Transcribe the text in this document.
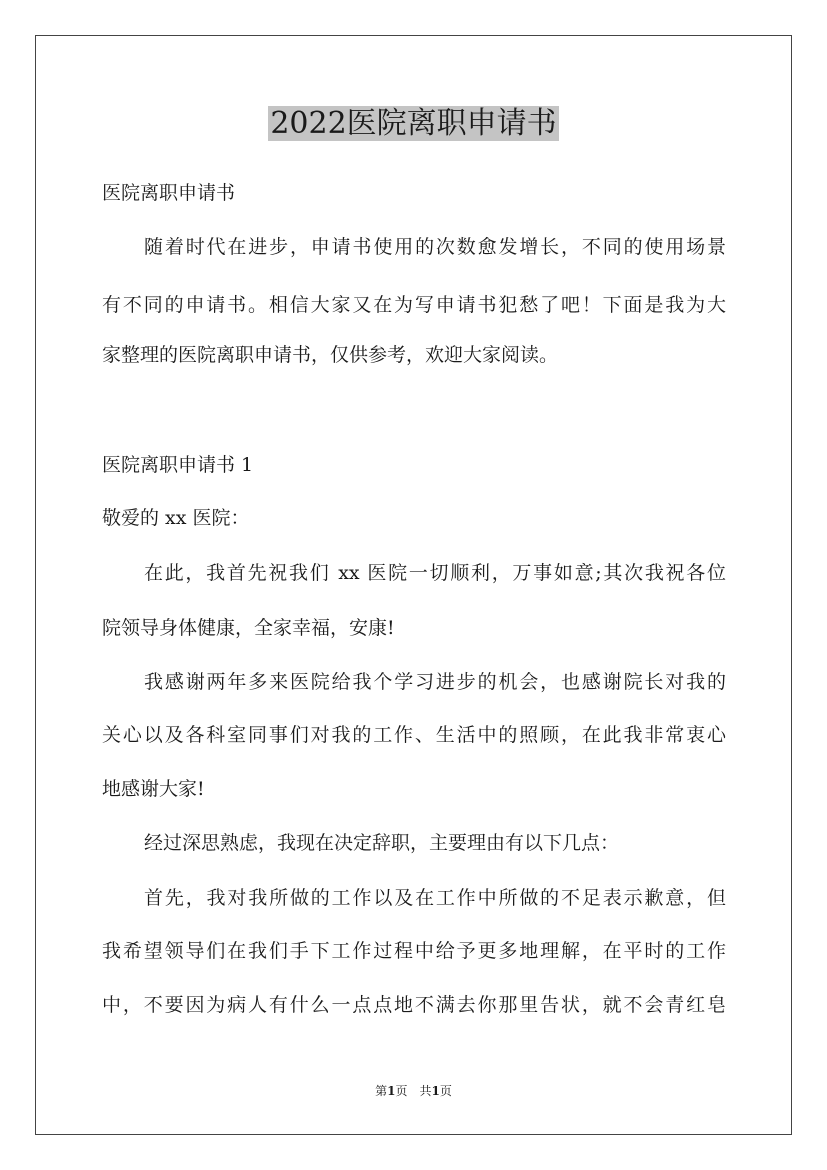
2022医院离职申请书

医院离职申请书

随着时代在进步，申请书使用的次数愈发增长，不同的使用场景

有不同的申请书。相信大家又在为写申请书犯愁了吧！下面是我为大

家整理的医院离职申请书，仅供参考，欢迎大家阅读。

医院离职申请书 1

敬爱的 xx 医院：

在此，我首先祝我们 xx 医院一切顺利，万事如意;其次我祝各位

院领导身体健康，全家幸福，安康!

我感谢两年多来医院给我个学习进步的机会，也感谢院长对我的

关心以及各科室同事们对我的工作、生活中的照顾，在此我非常衷心

地感谢大家!

经过深思熟虑，我现在决定辞职，主要理由有以下几点：

首先，我对我所做的工作以及在工作中所做的不足表示歉意，但

我希望领导们在我们手下工作过程中给予更多地理解，在平时的工作

中，不要因为病人有什么一点点地不满去你那里告状，就不会青红皂

第1页　共1页
